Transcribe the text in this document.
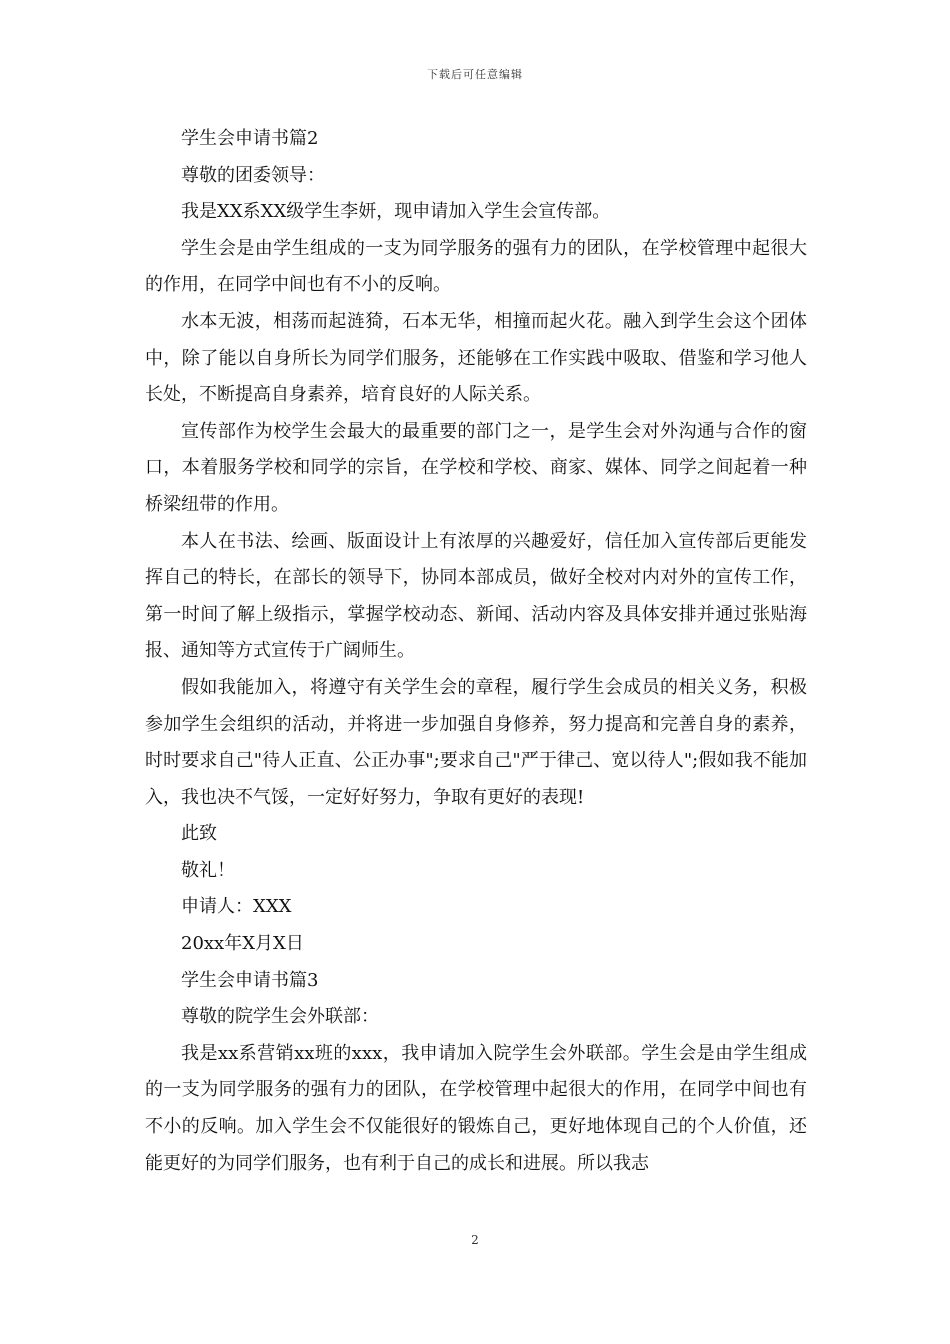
下载后可任意编辑

学生会申请书篇2

尊敬的团委领导：

我是XX系XX级学生李妍，现申请加入学生会宣传部。

学生会是由学生组成的一支为同学服务的强有力的团队，在学校管理中起很大的作用，在同学中间也有不小的反响。

水本无波，相荡而起涟猗，石本无华，相撞而起火花。融入到学生会这个团体中，除了能以自身所长为同学们服务，还能够在工作实践中吸取、借鉴和学习他人长处，不断提高自身素养，培育良好的人际关系。

宣传部作为校学生会最大的最重要的部门之一，是学生会对外沟通与合作的窗口，本着服务学校和同学的宗旨，在学校和学校、商家、媒体、同学之间起着一种桥梁纽带的作用。

本人在书法、绘画、版面设计上有浓厚的兴趣爱好，信任加入宣传部后更能发挥自己的特长，在部长的领导下，协同本部成员，做好全校对内对外的宣传工作，第一时间了解上级指示，掌握学校动态、新闻、活动内容及具体安排并通过张贴海报、通知等方式宣传于广阔师生。

假如我能加入，将遵守有关学生会的章程，履行学生会成员的相关义务，积极参加学生会组织的活动，并将进一步加强自身修养，努力提高和完善自身的素养，时时要求自己"待人正直、公正办事";要求自己"严于律己、宽以待人";假如我不能加入，我也决不气馁，一定好好努力，争取有更好的表现!

此致

敬礼！

申请人：XXX

20xx年X月X日

学生会申请书篇3

尊敬的院学生会外联部：

我是xx系营销xx班的xxx，我申请加入院学生会外联部。学生会是由学生组成的一支为同学服务的强有力的团队，在学校管理中起很大的作用，在同学中间也有不小的反响。加入学生会不仅能很好的锻炼自己，更好地体现自己的个人价值，还能更好的为同学们服务，也有利于自己的成长和进展。所以我志

2
